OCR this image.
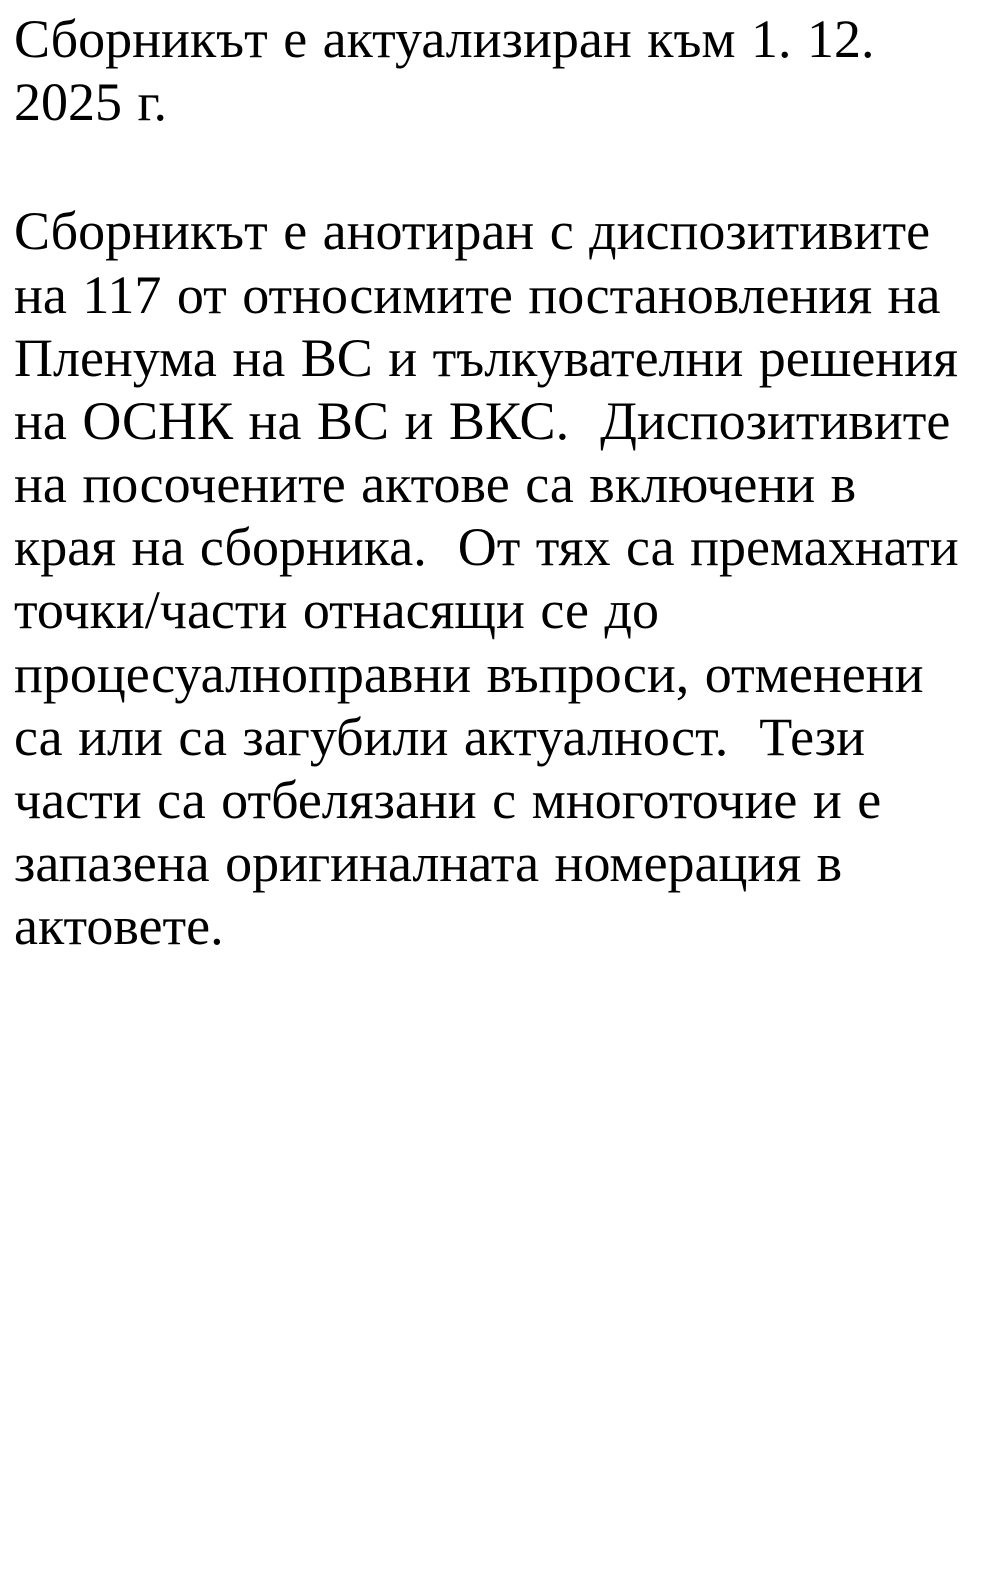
Сборникът е актуализиран към 1. 12. 2025 г.

Сборникът е анотиран с диспозитивите на 117 от относимите постановления на Пленума на ВС и тълкувателни решения на ОСНК на ВС и ВКС.  Диспозитивите на посочените актове са включени в края на сборника.  От тях са премахнати точки/части отнасящи се до процесуалноправни въпроси, отменени са или са загубили актуалност.  Тези части са отбелязани с многоточие и е запазена оригиналната номерация в актовете.
